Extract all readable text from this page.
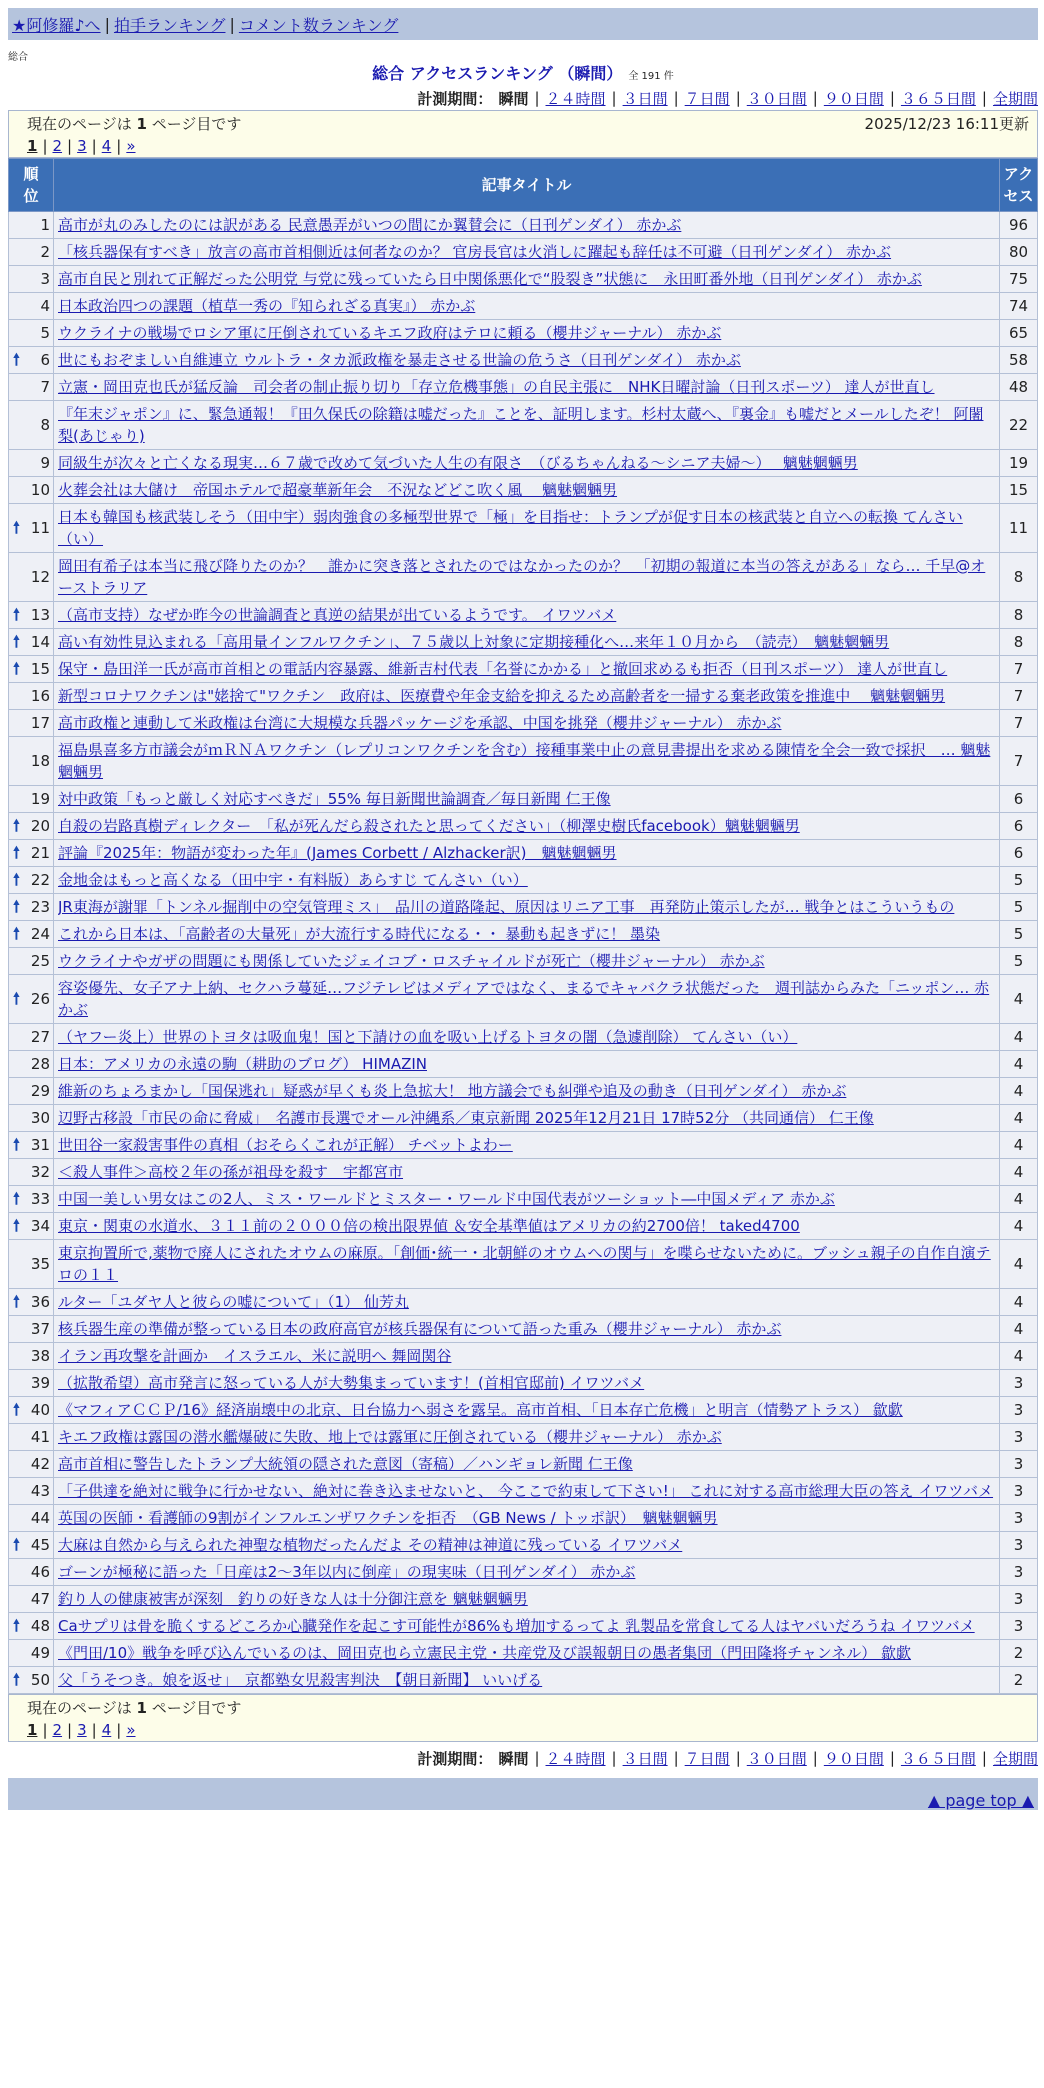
★阿修羅♪へ | 拍手ランキング | コメント数ランキング
総合
総合 アクセスランキング （瞬間） 全 191 件
計測期間： 瞬間 | ２４時間 | ３日間 | ７日間 | ３０日間 | ９０日間 | ３６５日間 | 全期間
現在のページは 1 ページ目です	2025/12/23 16:11更新
1 | 2 | 3 | 4 | »
順位	記事タイトル	アクセス
1	高市が丸のみしたのには訳がある 民意愚弄がいつの間にか翼賛会に（日刊ゲンダイ） 赤かぶ	96
2	「核兵器保有すべき」放言の高市首相側近は何者なのか？ 官房長官は火消しに躍起も辞任は不可避（日刊ゲンダイ） 赤かぶ	80
3	高市自民と別れて正解だった公明党 与党に残っていたら日中関係悪化で“股裂き”状態に　永田町番外地（日刊ゲンダイ） 赤かぶ	75
4	日本政治四つの課題（植草一秀の『知られざる真実』） 赤かぶ	74
5	ウクライナの戦場でロシア軍に圧倒されているキエフ政府はテロに頼る（櫻井ジャーナル） 赤かぶ	65

🠕 6	世にもおぞましい自維連立 ウルトラ・タカ派政権を暴走させる世論の危うさ（日刊ゲンダイ） 赤かぶ	58
7	立憲・岡田克也氏が猛反論　司会者の制止振り切り「存立危機事態」の自民主張に　NHK日曜討論（日刊スポーツ） 達人が世直し	48
8	『年末ジャポン』に、緊急通報！『田久保氏の除籍は嘘だった』ことを、証明します。杉村太蔵へ、『裏金』も嘘だとメールしたぞ！ 阿闍梨(あじゃり)	22
9	同級生が次々と亡くなる現実…６７歳で改めて気づいた人生の有限さ　（びるちゃんねる～シニア夫婦～）　 魑魅魍魎男	19
10	火葬会社は大儲け　帝国ホテルで超豪華新年会　不況などどこ吹く風　 魑魅魍魎男	15

🠕 11	日本も韓国も核武装しそう（田中宇）弱肉強食の多極型世界で「極」を目指せ：トランプが促す日本の核武装と自立への転換 てんさい（い）	11
12	岡田有希子は本当に飛び降りたのか？　誰かに突き落とされたのではなかったのか？　「初期の報道に本当の答えがある」なら… 千早@オーストラリア	8

🠕 13	（高市支持）なぜか昨今の世論調査と真逆の結果が出ているようです。 イワツバメ	8

🠕 14	高い有効性見込まれる「高用量インフルワクチン」、７５歳以上対象に定期接種化へ…来年１０月から　（読売）　魑魅魍魎男	8

🠕 15	保守・島田洋一氏が高市首相との電話内容暴露、維新吉村代表「名誉にかかる」と撤回求めるも拒否（日刊スポーツ） 達人が世直し	7
16	新型コロナワクチンは"姥捨て"ワクチン　政府は、医療費や年金支給を抑えるため高齢者を一掃する棄老政策を推進中　 魑魅魍魎男	7
17	高市政権と連動して米政権は台湾に大規模な兵器パッケージを承認、中国を挑発（櫻井ジャーナル） 赤かぶ	7
18	福島県喜多方市議会がｍＲＮＡワクチン（レプリコンワクチンを含む）接種事業中止の意見書提出を求める陳情を全会一致で採択　… 魑魅魍魎男	7
19	対中政策「もっと厳しく対応すべきだ」55% 毎日新聞世論調査／毎日新聞 仁王像	6

🠕 20	自殺の岩路真樹ディレクター　「私が死んだら殺されたと思ってください」（柳澤史樹氏facebook）魑魅魍魎男	6

🠕 21	評論『2025年：物語が変わった年』(James Corbett / Alzhacker訳)　魑魅魍魎男	6

🠕 22	金地金はもっと高くなる（田中宇・有料版）あらすじ てんさい（い）	5

🠕 23	JR東海が謝罪「トンネル掘削中の空気管理ミス」　品川の道路隆起、原因はリニア工事　再発防止策示したが… 戦争とはこういうもの	5

🠕 24	これから日本は、「高齢者の大量死」が大流行する時代になる・・ 暴動も起きずに！ 墨染	5
25	ウクライナやガザの問題にも関係していたジェイコブ・ロスチャイルドが死亡（櫻井ジャーナル） 赤かぶ	5

🠕 26	容姿優先、女子アナ上納、セクハラ蔓延…フジテレビはメディアではなく、まるでキャバクラ状態だった　週刊誌からみた「ニッポン… 赤かぶ	4
27	（ヤフー炎上）世界のトヨタは吸血鬼！国と下請けの血を吸い上げるトヨタの闇（急遽削除） てんさい（い）	4
28	日本：アメリカの永遠の駒（耕助のブログ） HIMAZIN	4
29	維新のちょろまかし「国保逃れ」疑惑が早くも炎上急拡大！ 地方議会でも糾弾や追及の動き（日刊ゲンダイ） 赤かぶ	4
30	辺野古移設「市民の命に脅威」　名護市長選でオール沖縄系／東京新聞 2025年12月21日 17時52分 （共同通信） 仁王像	4

🠕 31	世田谷一家殺害事件の真相（おそらくこれが正解） チベットよわー	4
32	＜殺人事件＞高校２年の孫が祖母を殺す　宇都宮市	4

🠕 33	中国一美しい男女はこの2人、ミス・ワールドとミスター・ワールド中国代表がツーショット―中国メディア 赤かぶ	4

🠕 34	東京・関東の水道水、３１１前の２０００倍の検出限界値 ＆安全基準値はアメリカの約2700倍！ taked4700	4
35	東京拘置所で,薬物で廃人にされたオウムの麻原。「創価･統一・北朝鮮のオウムへの関与」を喋らせないために。ブッシュ親子の自作自演テロの１１	4

🠕 36	ルター「ユダヤ人と彼らの嘘について」（1） 仙芳丸	4
37	核兵器生産の準備が整っている日本の政府高官が核兵器保有について語った重み（櫻井ジャーナル） 赤かぶ	4
38	イラン再攻撃を計画か　イスラエル、米に説明へ 舞岡関谷	4
39	（拡散希望）高市発言に怒っている人が大勢集まっています！(首相官邸前) イワツバメ	3

🠕 40	《マフィアＣＣＰ/16》経済崩壊中の北京、日台協力へ弱さを露呈。高市首相、「日本存亡危機」と明言（情勢アトラス） 歙歔	3
41	キエフ政権は露国の潜水艦爆破に失敗、地上では露軍に圧倒されている（櫻井ジャーナル） 赤かぶ	3
42	高市首相に警告したトランプ大統領の隠された意図（寄稿）／ハンギョレ新聞 仁王像	3
43	「子供達を絶対に戦争に行かせない、絶対に巻き込ませないと、 今ここで約束して下さい!」 これに対する高市総理大臣の答え イワツバメ	3
44	英国の医師・看護師の9割がインフルエンザワクチンを拒否　（GB News / トッポ訳）　魑魅魍魎男	3

🠕 45	大麻は自然から与えられた神聖な植物だったんだよ その精神は神道に残っている イワツバメ	3
46	ゴーンが極秘に語った「日産は2～3年以内に倒産」の現実味（日刊ゲンダイ） 赤かぶ	3
47	釣り人の健康被害が深刻　釣りの好きな人は十分御注意を 魑魅魍魎男	3

🠕 48	Caサプリは骨を脆くするどころか心臓発作を起こす可能性が86%も増加するってよ 乳製品を常食してる人はヤバいだろうね イワツバメ	3
49	《門田/10》戦争を呼び込んでいるのは、岡田克也ら立憲民主党・共産党及び誤報朝日の愚者集団（門田隆将チャンネル） 歙歔	2

🠕 50	父「うそつき。娘を返せ」　京都塾女児殺害判決　【朝日新聞】 いいげる	2
現在のページは 1 ページ目です
1 | 2 | 3 | 4 | »
計測期間： 瞬間 | ２４時間 | ３日間 | ７日間 | ３０日間 | ９０日間 | ３６５日間 | 全期間
▲ page top ▲
